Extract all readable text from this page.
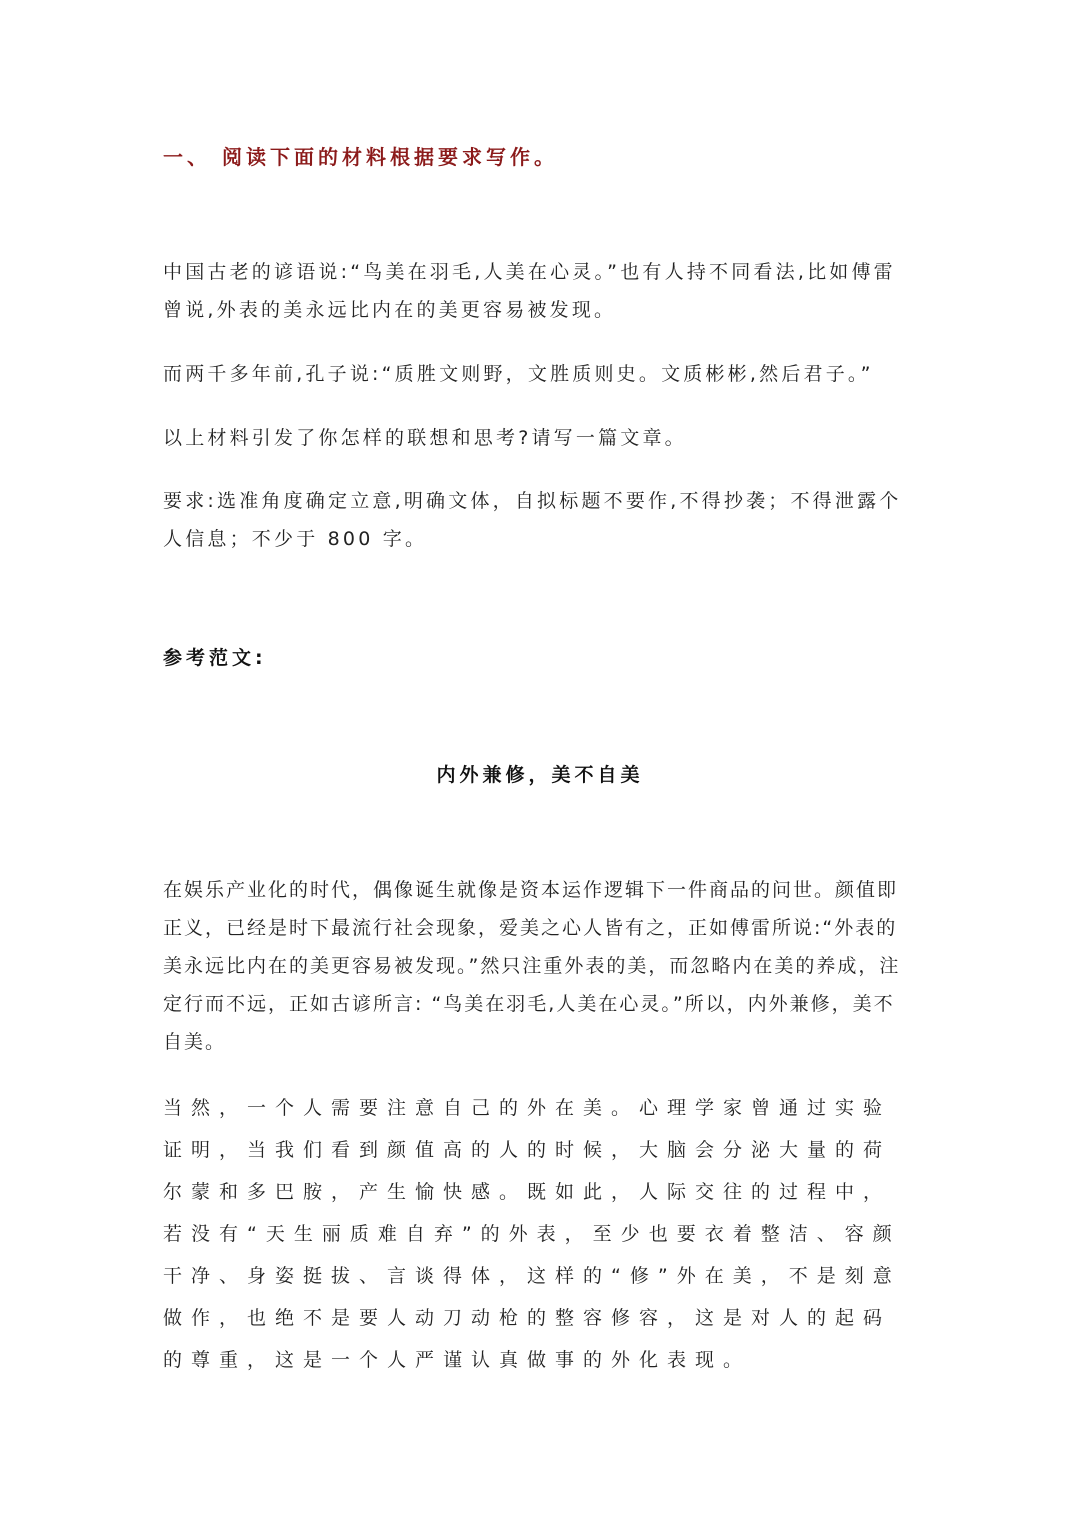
一、 阅读下面的材料根据要求写作。

中国古老的谚语说:“鸟美在羽毛,人美在心灵。”也有人持不同看法,比如傅雷曾说,外表的美永远比内在的美更容易被发现。

而两千多年前,孔子说:“质胜文则野，文胜质则史。文质彬彬,然后君子。”

以上材料引发了你怎样的联想和思考?请写一篇文章。

要求:选准角度确定立意,明确文体，自拟标题不要作,不得抄袭；不得泄露个人信息；不少于 800 字。

参考范文:
内外兼修，美不自美

在娱乐产业化的时代，偶像诞生就像是资本运作逻辑下一件商品的问世。颜值即正义，已经是时下最流行社会现象，爱美之心人皆有之，正如傅雷所说:“外表的美永远比内在的美更容易被发现。”然只注重外表的美，而忽略内在美的养成，注定行而不远，正如古谚所言: “鸟美在羽毛,人美在心灵。”所以，内外兼修，美不自美。

当然，一个人需要注意自己的外在美。心理学家曾通过实验证明，当我们看到颜值高的人的时候，大脑会分泌大量的荷尔蒙和多巴胺，产生愉快感。既如此，人际交往的过程中，若没有“天生丽质难自弃”的外表，至少也要衣着整洁、容颜干净、身姿挺拔、言谈得体，这样的“修”外在美，不是刻意做作，也绝不是要人动刀动枪的整容修容，这是对人的起码的尊重，这是一个人严谨认真做事的外化表现。
